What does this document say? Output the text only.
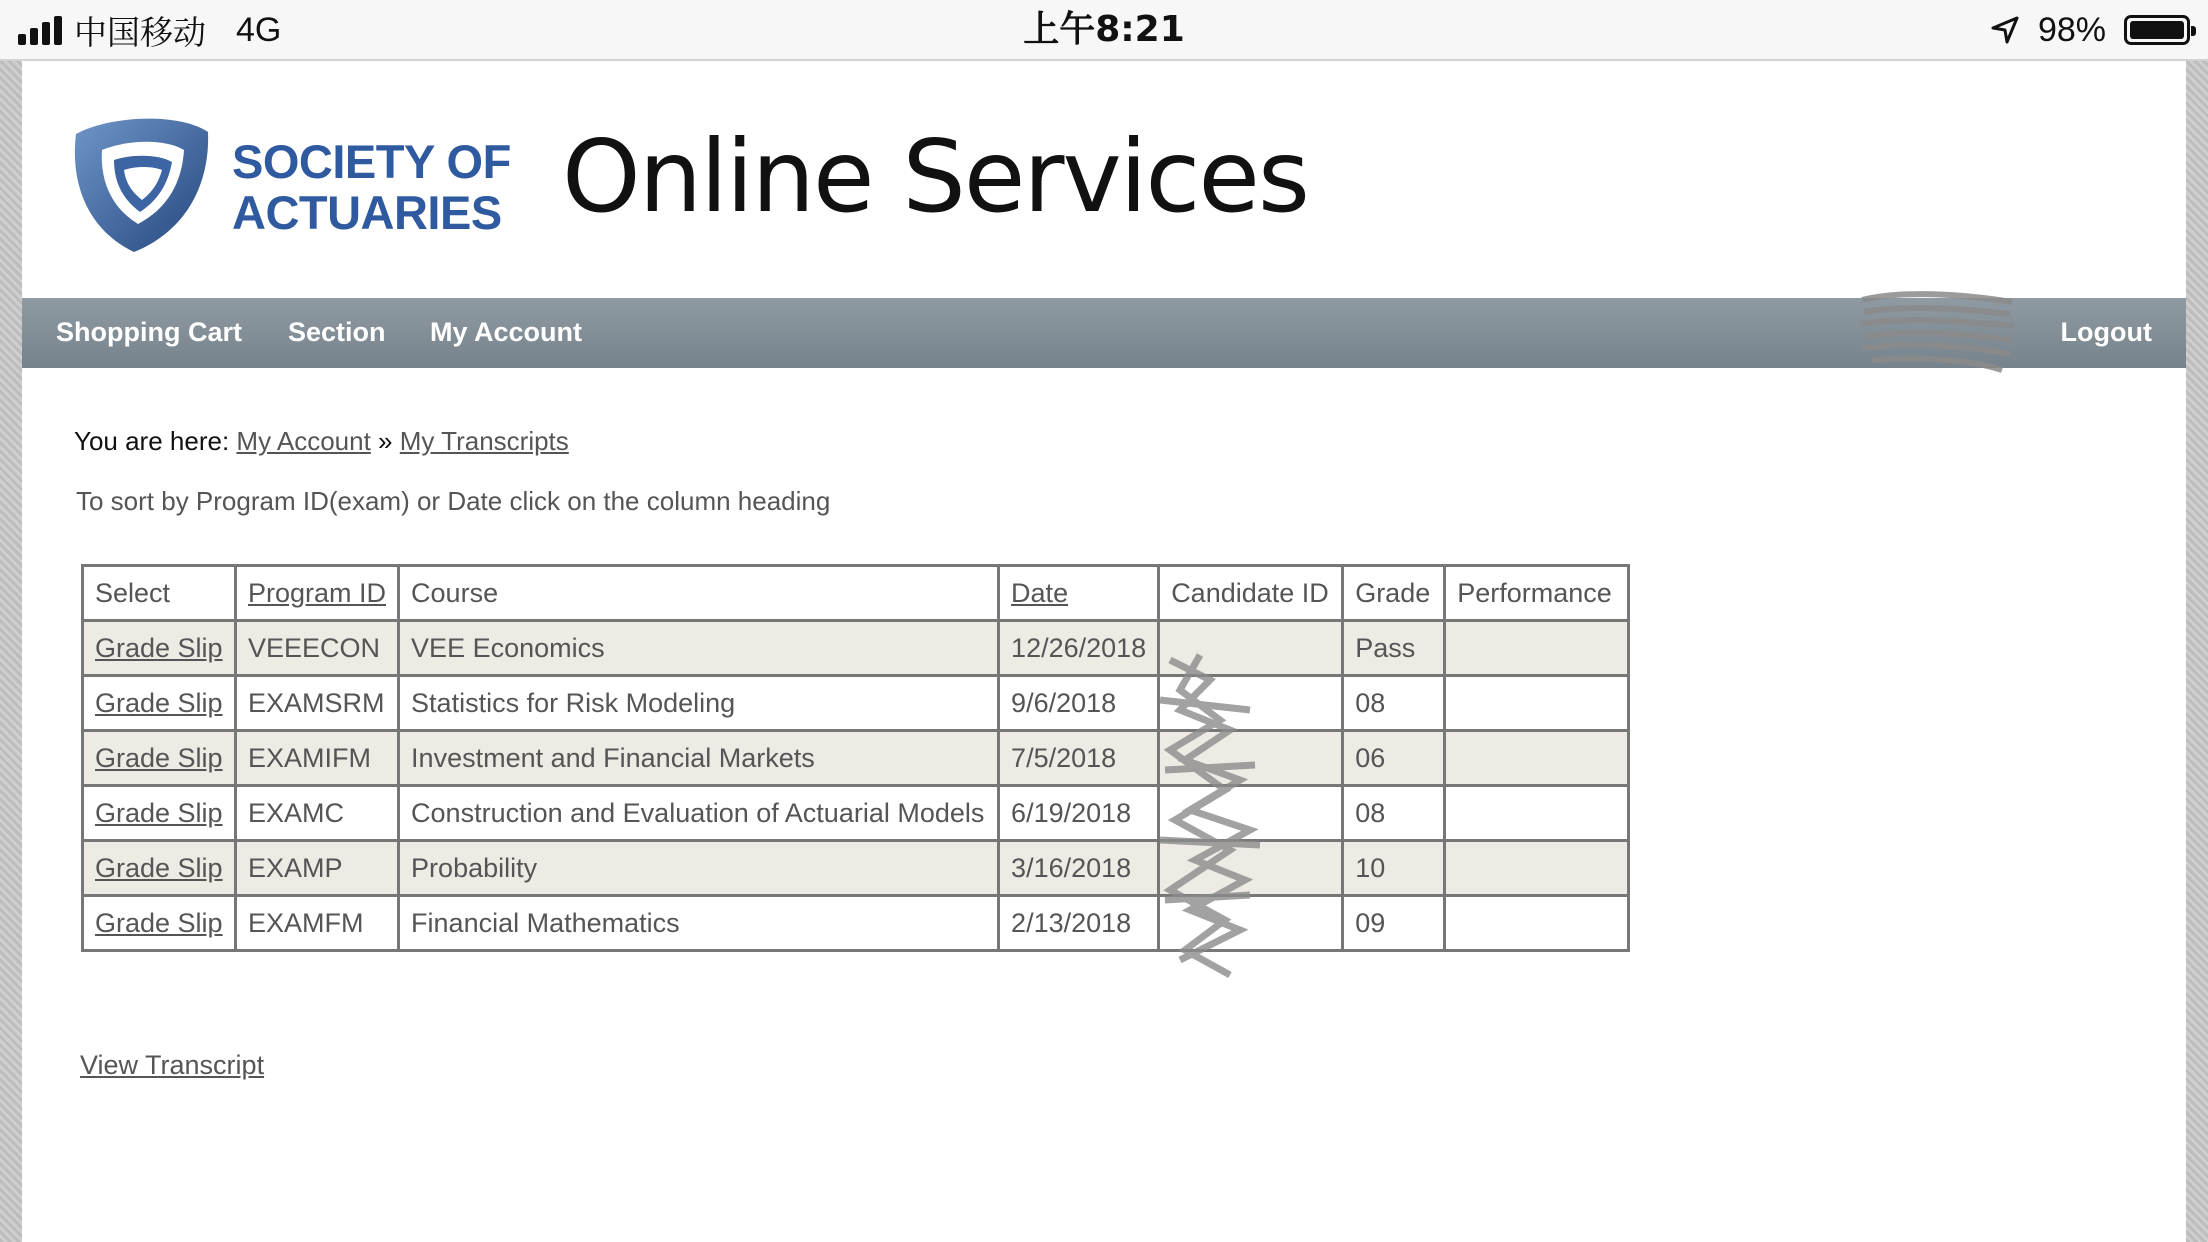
中国移动 4G	上午8:21	98%
SOCIETY OF
ACTUARIES Online Services
Shopping Cart Section My Account	Logout
You are here: My Account » My Transcripts
To sort by Program ID(exam) or Date click on the column heading
Select	Program ID	Course	Date	Candidate ID	Grade	Performance
Grade Slip	VEEECON	VEE Economics	12/26/2018		Pass	
Grade Slip	EXAMSRM	Statistics for Risk Modeling	9/6/2018		08	
Grade Slip	EXAMIFM	Investment and Financial Markets	7/5/2018		06	
Grade Slip	EXAMC	Construction and Evaluation of Actuarial Models	6/19/2018		08	
Grade Slip	EXAMP	Probability	3/16/2018		10	
Grade Slip	EXAMFM	Financial Mathematics	2/13/2018		09	
View Transcript
